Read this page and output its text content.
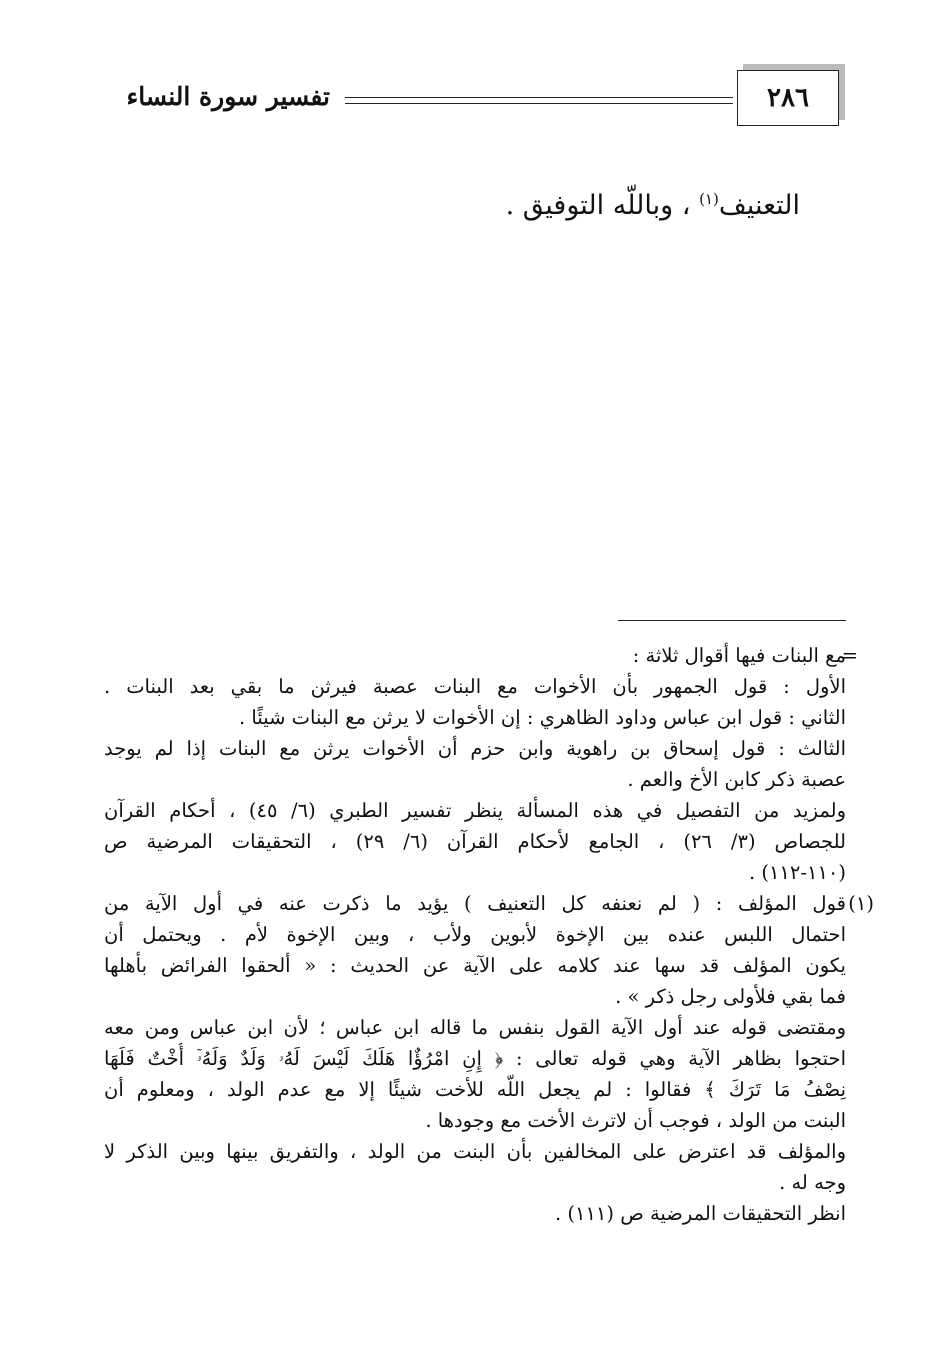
٢٨٦
تفسير سورة النساء
التعنيف$^{(١)}$ ، وباللّه التوفيق .
=
مع البنات فيها أقوال ثلاثة :
الأول : قول الجمهور بأن الأخوات مع البنات عصبة فيرثن ما بقي بعد البنات .
الثاني : قول ابن عباس وداود الظاهري : إن الأخوات لا يرثن مع البنات شيئًا .
الثالث : قول إسحاق بن راهوية وابن حزم أن الأخوات يرثن مع البنات إذا لم يوجد
عصبة ذكر كابن الأخ والعم .
ولمزيد من التفصيل في هذه المسألة ينظر تفسير الطبري (٦/ ٤٥) ، أحكام القرآن
للجصاص (٣/ ٢٦) ، الجامع لأحكام القرآن (٦/ ٢٩) ، التحقيقات المرضية ص
(١١٠-١١٢) .
(١)
قول المؤلف : ( لم نعنفه كل التعنيف ) يؤيد ما ذكرت عنه في أول الآية من
احتمال اللبس عنده بين الإخوة لأبوين ولأب ، وبين الإخوة لأم . ويحتمل أن
يكون المؤلف قد سها عند كلامه على الآية عن الحديث : « ألحقوا الفرائض بأهلها
فما بقي فلأولى رجل ذكر » .
ومقتضى قوله عند أول الآية القول بنفس ما قاله ابن عباس ؛ لأن ابن عباس ومن معه
احتجوا بظاهر الآية وهي قوله تعالى : ﴿ إِنِ امْرُؤٌا هَلَكَ لَيْسَ لَهُۥ وَلَدٌ وَلَهُۥٓ أُخْتٌ فَلَهَا
نِصْفُ مَا تَرَكَ ﴾ فقالوا : لم يجعل اللّه للأخت شيئًا إلا مع عدم الولد ، ومعلوم أن
البنت من الولد ، فوجب أن لاترث الأخت مع وجودها .
والمؤلف قد اعترض على المخالفين بأن البنت من الولد ، والتفريق بينها وبين الذكر لا
وجه له .
انظر التحقيقات المرضية ص (١١١) .
